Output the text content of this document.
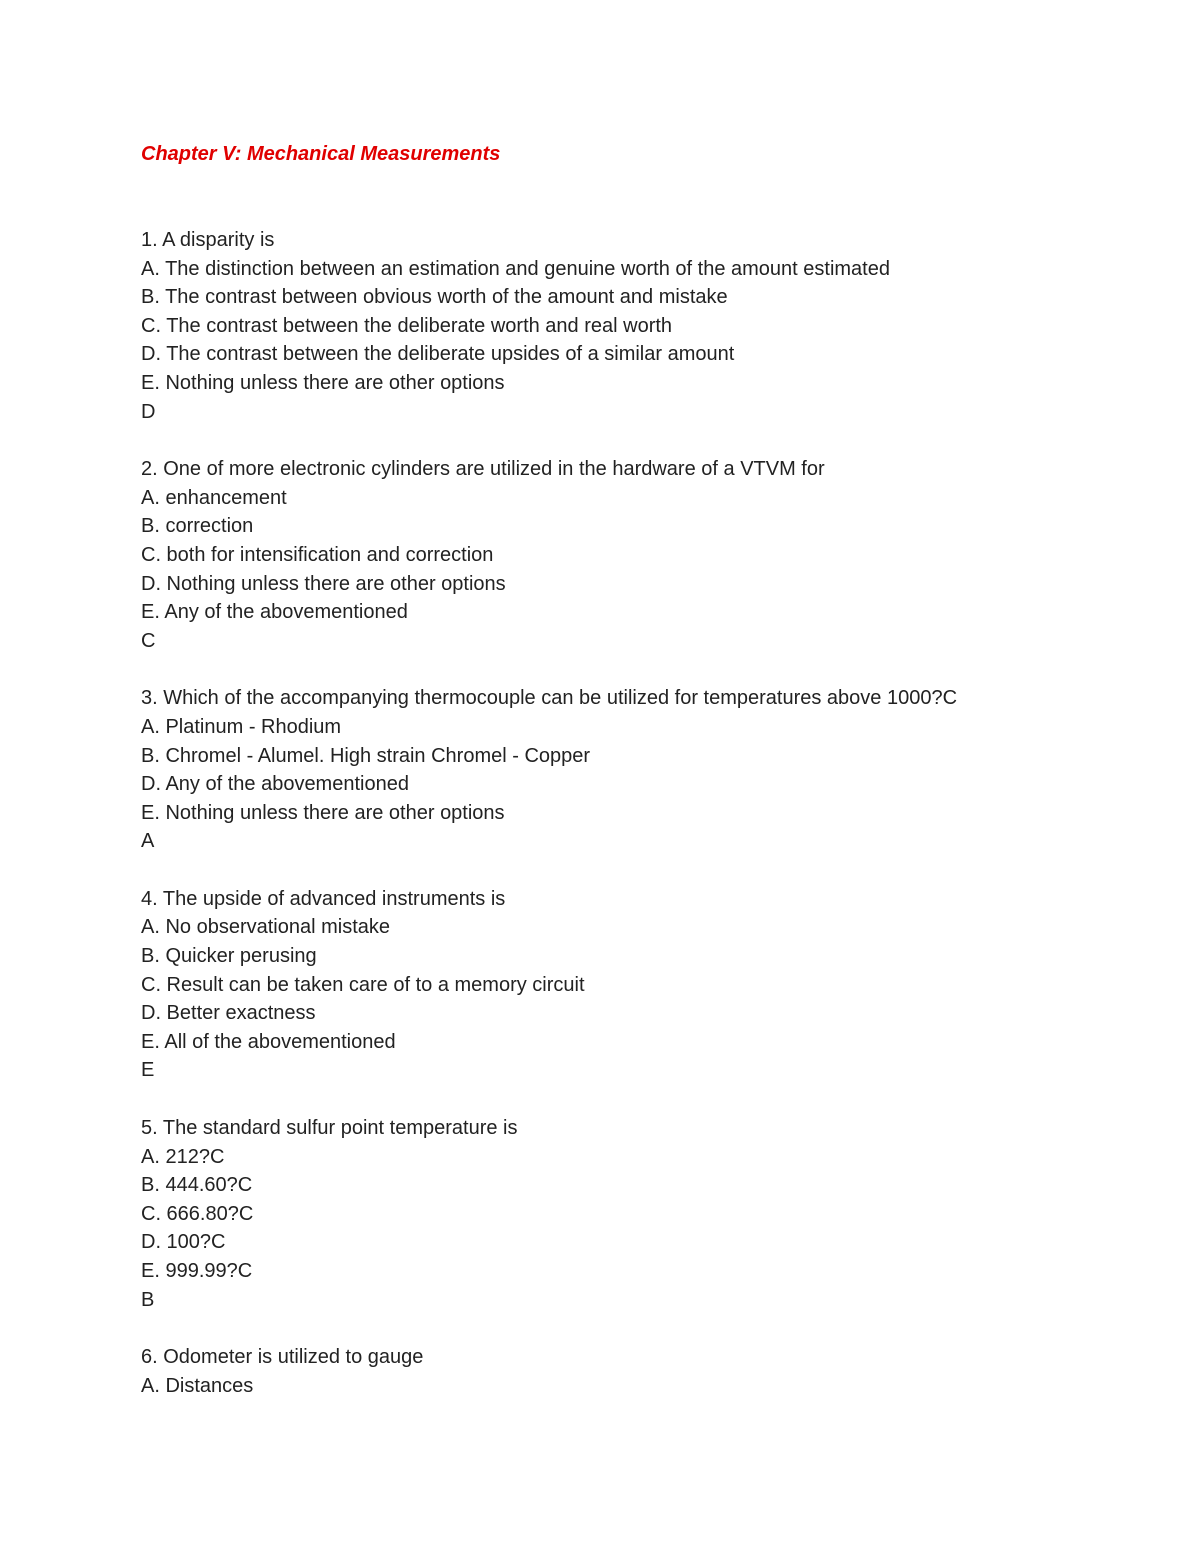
Chapter V: Mechanical Measurements
1. A disparity is
A. The distinction between an estimation and genuine worth of the amount estimated
B. The contrast between obvious worth of the amount and mistake
C. The contrast between the deliberate worth and real worth
D. The contrast between the deliberate upsides of a similar amount
E. Nothing unless there are other options
D
2. One of more electronic cylinders are utilized in the hardware of a VTVM for
A. enhancement
B. correction
C. both for intensification and correction
D. Nothing unless there are other options
E. Any of the abovementioned
C
3. Which of the accompanying thermocouple can be utilized for temperatures above 1000?C
A. Platinum - Rhodium
B. Chromel - Alumel. High strain Chromel - Copper
D. Any of the abovementioned
E. Nothing unless there are other options
A
4. The upside of advanced instruments is
A. No observational mistake
B. Quicker perusing
C. Result can be taken care of to a memory circuit
D. Better exactness
E. All of the abovementioned
E
5. The standard sulfur point temperature is
A. 212?C
B. 444.60?C
C. 666.80?C
D. 100?C
E. 999.99?C
B
6. Odometer is utilized to gauge
A. Distances
